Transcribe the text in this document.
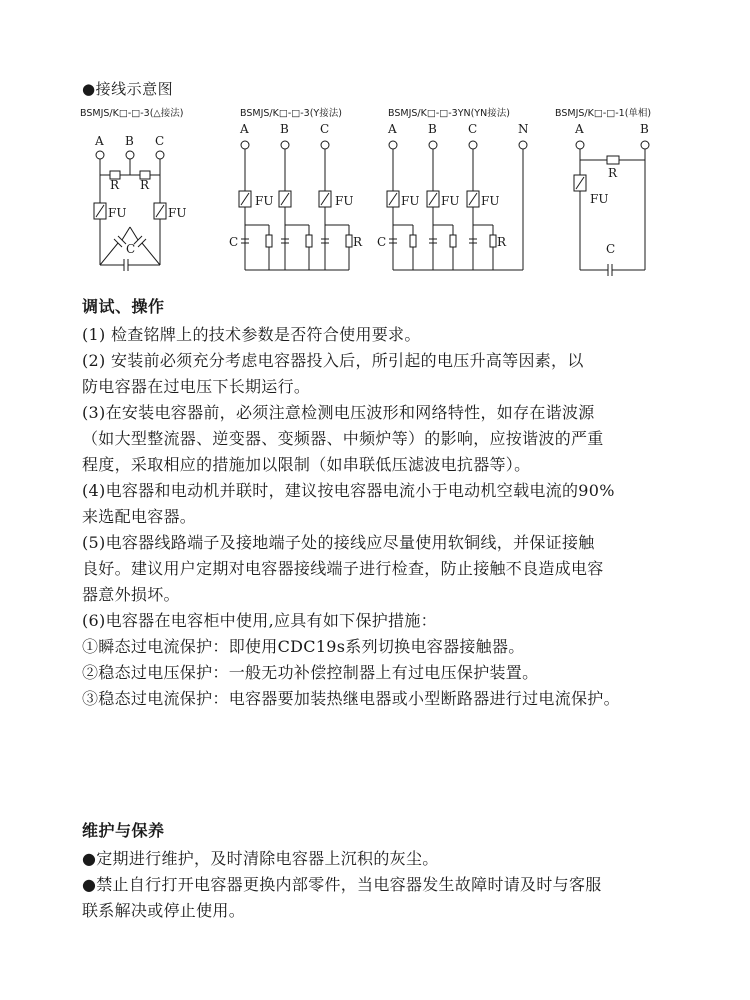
●接线示意图
BSMJS/K□-□-3(△接法)
A B C
R R
FU	FU
C
BSMJS/K□-□-3(Y接法)
A	B	C
FU	FU
C	R
BSMJS/K□-□-3YN(YN接法)
A	B	C	N
FU FU FU
C	R
BSMJS/K□-□-1(单相)
A	B
R
FU
C
调试、操作
(1) 检查铭牌上的技术参数是否符合使用要求。
(2) 安装前必须充分考虑电容器投入后，所引起的电压升高等因素，以
防电容器在过电压下长期运行。
(3)在安装电容器前，必须注意检测电压波形和网络特性，如存在谐波源
（如大型整流器、逆变器、变频器、中频炉等）的影响，应按谐波的严重
程度，采取相应的措施加以限制（如串联低压滤波电抗器等）。
(4)电容器和电动机并联时，建议按电容器电流小于电动机空载电流的90%
来选配电容器。
(5)电容器线路端子及接地端子处的接线应尽量使用软铜线，并保证接触
良好。建议用户定期对电容器接线端子进行检查，防止接触不良造成电容
器意外损坏。
(6)电容器在电容柜中使用,应具有如下保护措施：
①瞬态过电流保护：即使用CDC19s系列切换电容器接触器。
②稳态过电压保护：一般无功补偿控制器上有过电压保护装置。
③稳态过电流保护：电容器要加装热继电器或小型断路器进行过电流保护。
维护与保养
●定期进行维护，及时清除电容器上沉积的灰尘。
●禁止自行打开电容器更换内部零件，当电容器发生故障时请及时与客服
联系解决或停止使用。
